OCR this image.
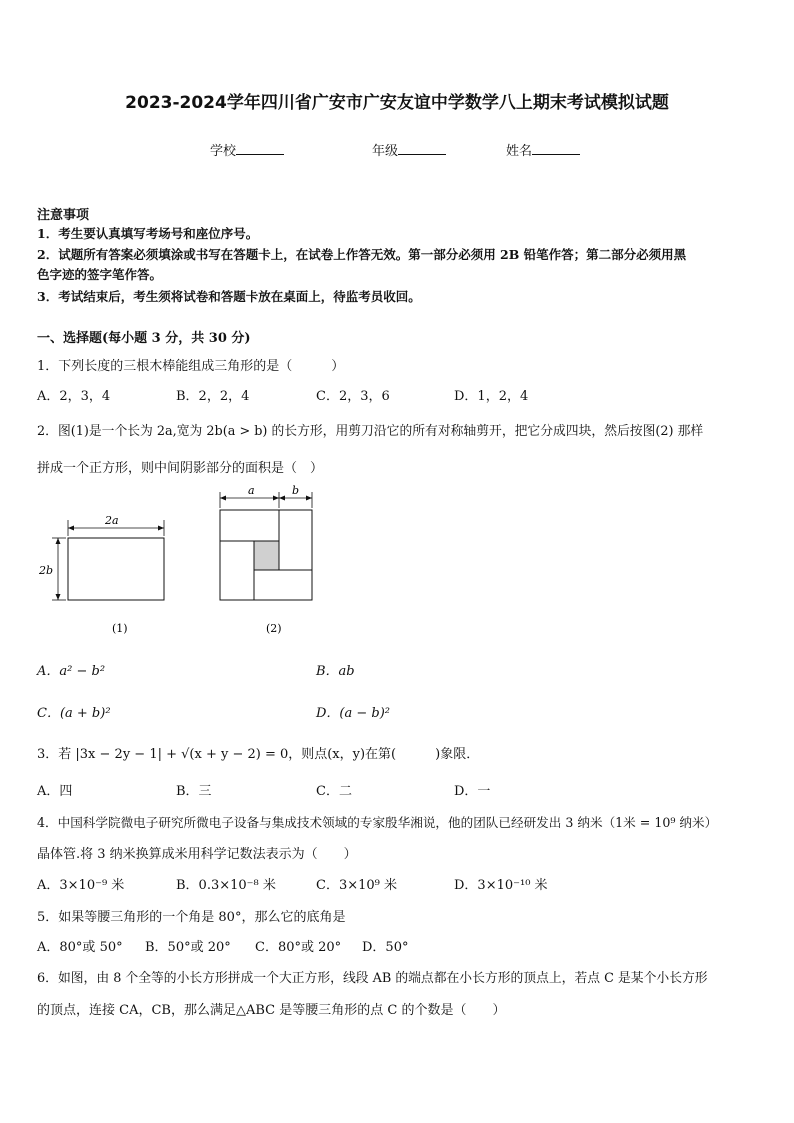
2023-2024学年四川省广安市广安友谊中学数学八上期末考试模拟试题
学校	年级	姓名
注意事项
1．考生要认真填写考场号和座位序号。
2．试题所有答案必须填涂或书写在答题卡上，在试卷上作答无效。第一部分必须用 2B 铅笔作答；第二部分必须用黑
色字迹的签字笔作答。
3．考试结束后，考生须将试卷和答题卡放在桌面上，待监考员收回。
一、选择题(每小题 3 分，共 30 分)
1．下列长度的三根木棒能组成三角形的是（　　　）
A．2，3，4	B．2，2，4	C．2，3，6	D．1，2，4
2．图(1)是一个长为 2a,宽为 2b(a > b) 的长方形，用剪刀沿它的所有对称轴剪开，把它分成四块，然后按图(2) 那样
拼成一个正方形，则中间阴影部分的面积是（　）
2a
2b
(1)
a	b
(2)
A．a² − b²	B．ab
C．(a + b)²	D．(a − b)²
3．若 |3x − 2y − 1| + √(x + y − 2) = 0，则点(x，y)在第(　　　)象限．
A．四	B．三	C．二	D．一
4．中国科学院微电子研究所微电子设备与集成技术领域的专家殷华湘说，他的团队已经研发出 3 纳米（1米 = 10⁹ 纳米）
晶体管.将 3 纳米换算成米用科学记数法表示为（　　）
A．3×10⁻⁹ 米	B．0.3×10⁻⁸ 米	C．3×10⁹ 米	D．3×10⁻¹⁰ 米
5．如果等腰三角形的一个角是 80°，那么它的底角是
A．80°或 50° B．50°或 20° C．80°或 20° D．50°
6．如图，由 8 个全等的小长方形拼成一个大正方形，线段 AB 的端点都在小长方形的顶点上，若点 C 是某个小长方形
的顶点，连接 CA，CB，那么满足△ABC 是等腰三角形的点 C 的个数是（　　）
